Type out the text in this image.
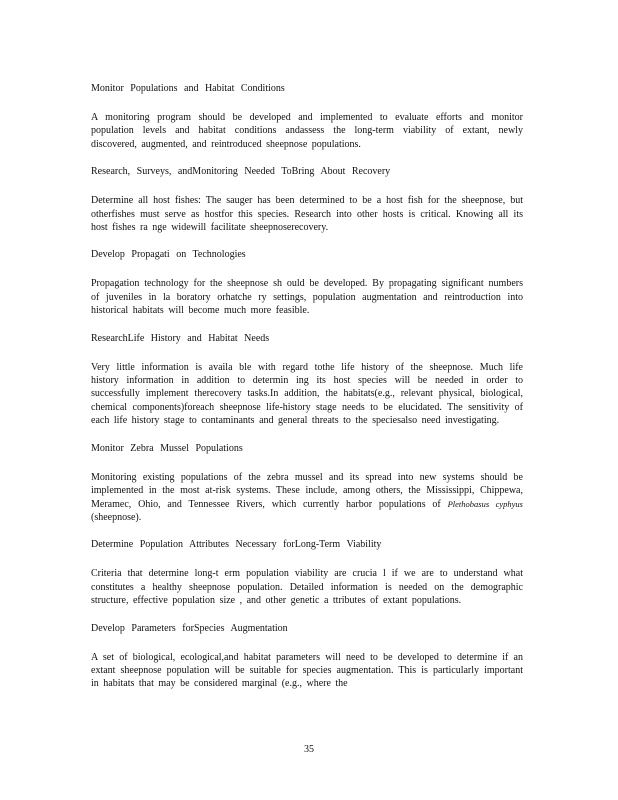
Monitor Populations and Habitat Conditions

A monitoring program should be developed and implemented to evaluate efforts and monitor population levels and habitat conditions andassess the long-term viability of extant, newly discovered, augmented, and reintroduced sheepnose populations.

Research, Surveys, andMonitoring Needed ToBring About Recovery

Determine all host fishes: The sauger has been determined to be a host fish for the sheepnose, but otherfishes must serve as hostfor this species. Research into other hosts is critical. Knowing all its host fishes ra nge widewill facilitate sheepnoserecovery.

Develop Propagati on Technologies

Propagation technology for the sheepnose sh ould be developed. By propagating significant numbers of juveniles in la boratory orhatche ry settings, population augmentation and reintroduction into historical habitats will become much more feasible.

ResearchLife History and Habitat Needs

Very little information is availa ble with regard tothe life history of the sheepnose. Much life history information in addition to determin ing its host species will be needed in order to successfully implement therecovery tasks.In addition, the habitats(e.g., relevant physical, biological, chemical components)foreach sheepnose life-history stage needs to be elucidated. The sensitivity of each life history stage to contaminants and general threats to the speciesalso need investigating.

Monitor Zebra Mussel Populations

Monitoring existing populations of the zebra mussel and its spread into new systems should be implemented in the most at-risk systems. These include, among others, the Mississippi, Chippewa, Meramec, Ohio, and Tennessee Rivers, which currently harbor populations of Plethobasus cyphyus (sheepnose).

Determine Population Attributes Necessary forLong-Term Viability

Criteria that determine long-t erm population viability are crucia l if we are to understand what constitutes a healthy sheepnose population. Detailed information is needed on the demographic structure, effective population size , and other genetic a ttributes of extant populations.

Develop Parameters forSpecies Augmentation

A set of biological, ecological,and habitat parameters will need to be developed to determine if an extant sheepnose population will be suitable for species augmentation. This is particularly important in habitats that may be considered marginal (e.g., where the

35
